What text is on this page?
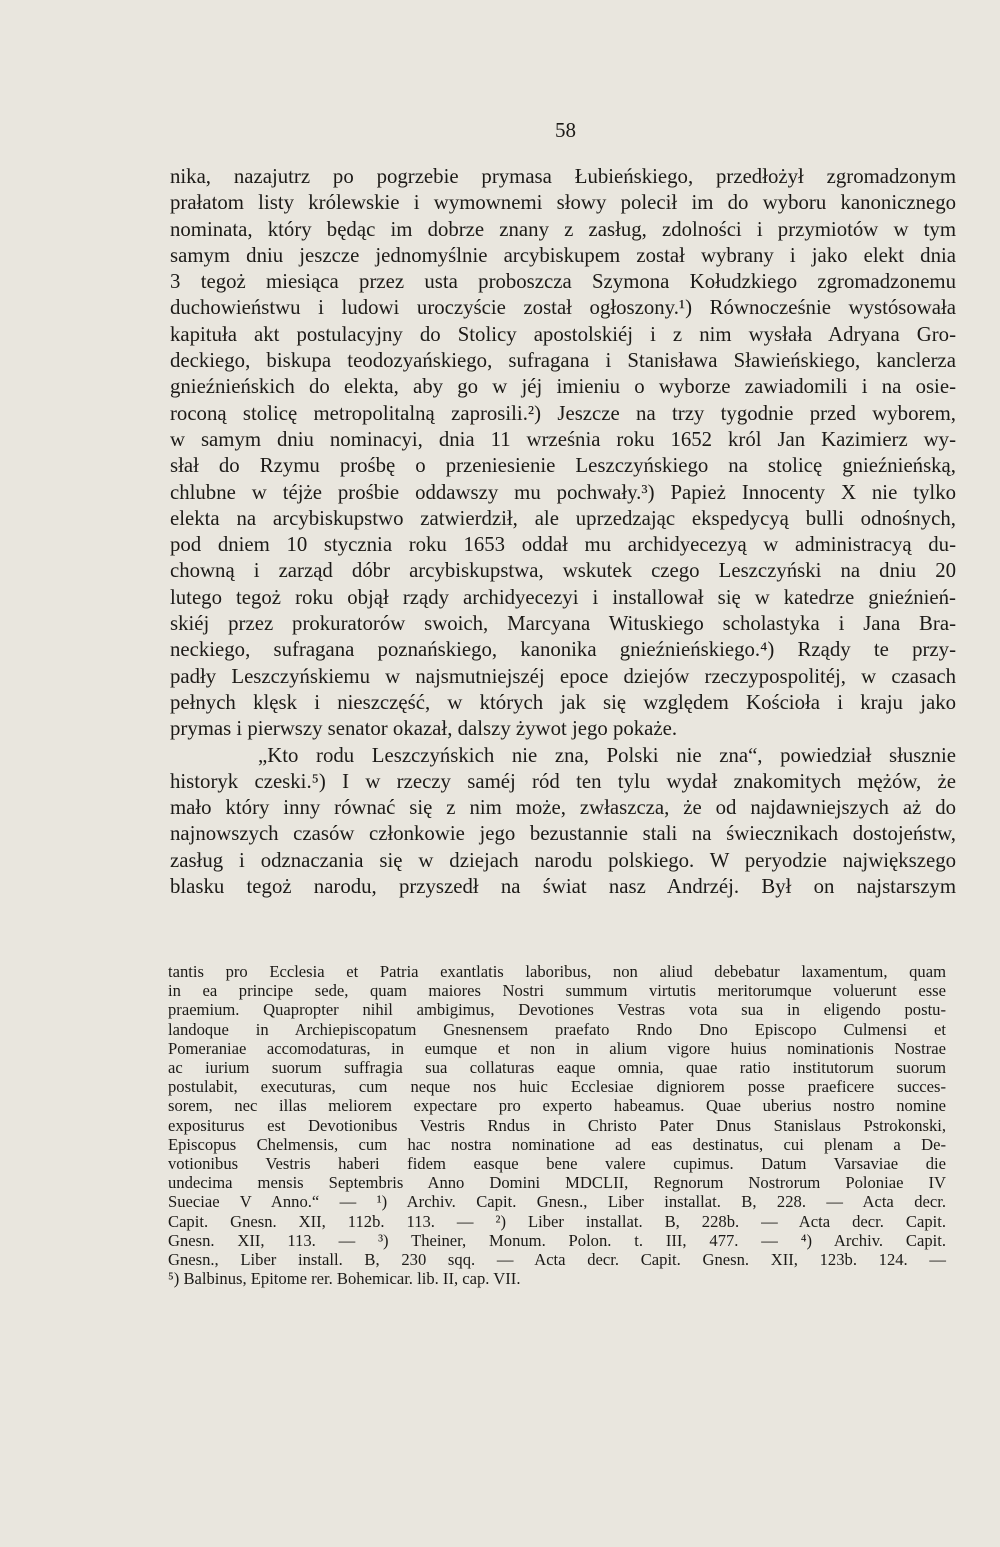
58
nika, nazajutrz po pogrzebie prymasa Łubieńskiego, przedłożył zgromadzonym
prałatom listy królewskie i wymownemi słowy polecił im do wyboru kanonicznego
nominata, który będąc im dobrze znany z zasług, zdolności i przymiotów w tym
samym dniu jeszcze jednomyślnie arcybiskupem został wybrany i jako elekt dnia
3 tegoż miesiąca przez usta proboszcza Szymona Kołudzkiego zgromadzonemu
duchowieństwu i ludowi uroczyście został ogłoszony.¹) Równocześnie wystósowała
kapituła akt postulacyjny do Stolicy apostolskiéj i z nim wysłała Adryana Gro-
deckiego, biskupa teodozyańskiego, sufragana i Stanisława Sławieńskiego, kanclerza
gnieźnieńskich do elekta, aby go w jéj imieniu o wyborze zawiadomili i na osie-
roconą stolicę metropolitalną zaprosili.²) Jeszcze na trzy tygodnie przed wyborem,
w samym dniu nominacyi, dnia 11 września roku 1652 król Jan Kazimierz wy-
słał do Rzymu prośbę o przeniesienie Leszczyńskiego na stolicę gnieźnieńską,
chlubne w téjże prośbie oddawszy mu pochwały.³) Papież Innocenty X nie tylko
elekta na arcybiskupstwo zatwierdził, ale uprzedzając ekspedycyą bulli odnośnych,
pod dniem 10 stycznia roku 1653 oddał mu archidyecezyą w administracyą du-
chowną i zarząd dóbr arcybiskupstwa, wskutek czego Leszczyński na dniu 20
lutego tegoż roku objął rządy archidyecezyi i installował się w katedrze gnieźnień-
skiéj przez prokuratorów swoich, Marcyana Wituskiego scholastyka i Jana Bra-
neckiego, sufragana poznańskiego, kanonika gnieźnieńskiego.⁴) Rządy te przy-
padły Leszczyńskiemu w najsmutniejszéj epoce dziejów rzeczypospolitéj, w czasach
pełnych klęsk i nieszczęść, w których jak się względem Kościoła i kraju jako
prymas i pierwszy senator okazał, dalszy żywot jego pokaże.
„Kto rodu Leszczyńskich nie zna, Polski nie zna“, powiedział słusznie
historyk czeski.⁵) I w rzeczy saméj ród ten tylu wydał znakomitych mężów, że
mało który inny równać się z nim może, zwłaszcza, że od najdawniejszych aż do
najnowszych czasów członkowie jego bezustannie stali na świecznikach dostojeństw,
zasług i odznaczania się w dziejach narodu polskiego. W peryodzie największego
blasku tegoż narodu, przyszedł na świat nasz Andrzéj. Był on najstarszym
tantis pro Ecclesia et Patria exantlatis laboribus, non aliud debebatur laxamentum, quam
in ea principe sede, quam maiores Nostri summum virtutis meritorumque voluerunt esse
praemium. Quapropter nihil ambigimus, Devotiones Vestras vota sua in eligendo postu-
landoque in Archiepiscopatum Gnesnensem praefato Rndo Dno Episcopo Culmensi et
Pomeraniae accomodaturas, in eumque et non in alium vigore huius nominationis Nostrae
ac iurium suorum suffragia sua collaturas eaque omnia, quae ratio institutorum suorum
postulabit, executuras, cum neque nos huic Ecclesiae digniorem posse praeficere succes-
sorem, nec illas meliorem expectare pro experto habeamus. Quae uberius nostro nomine
expositurus est Devotionibus Vestris Rndus in Christo Pater Dnus Stanislaus Pstrokonski,
Episcopus Chelmensis, cum hac nostra nominatione ad eas destinatus, cui plenam a De-
votionibus Vestris haberi fidem easque bene valere cupimus. Datum Varsaviae die
undecima mensis Septembris Anno Domini MDCLII, Regnorum Nostrorum Poloniae IV
Sueciae V Anno.“ — ¹) Archiv. Capit. Gnesn., Liber installat. B, 228. — Acta decr.
Capit. Gnesn. XII, 112b. 113. — ²) Liber installat. B, 228b. — Acta decr. Capit.
Gnesn. XII, 113. — ³) Theiner, Monum. Polon. t. III, 477. — ⁴) Archiv. Capit.
Gnesn., Liber install. B, 230 sqq. — Acta decr. Capit. Gnesn. XII, 123b. 124. —
⁵) Balbinus, Epitome rer. Bohemicar. lib. II, cap. VII.
